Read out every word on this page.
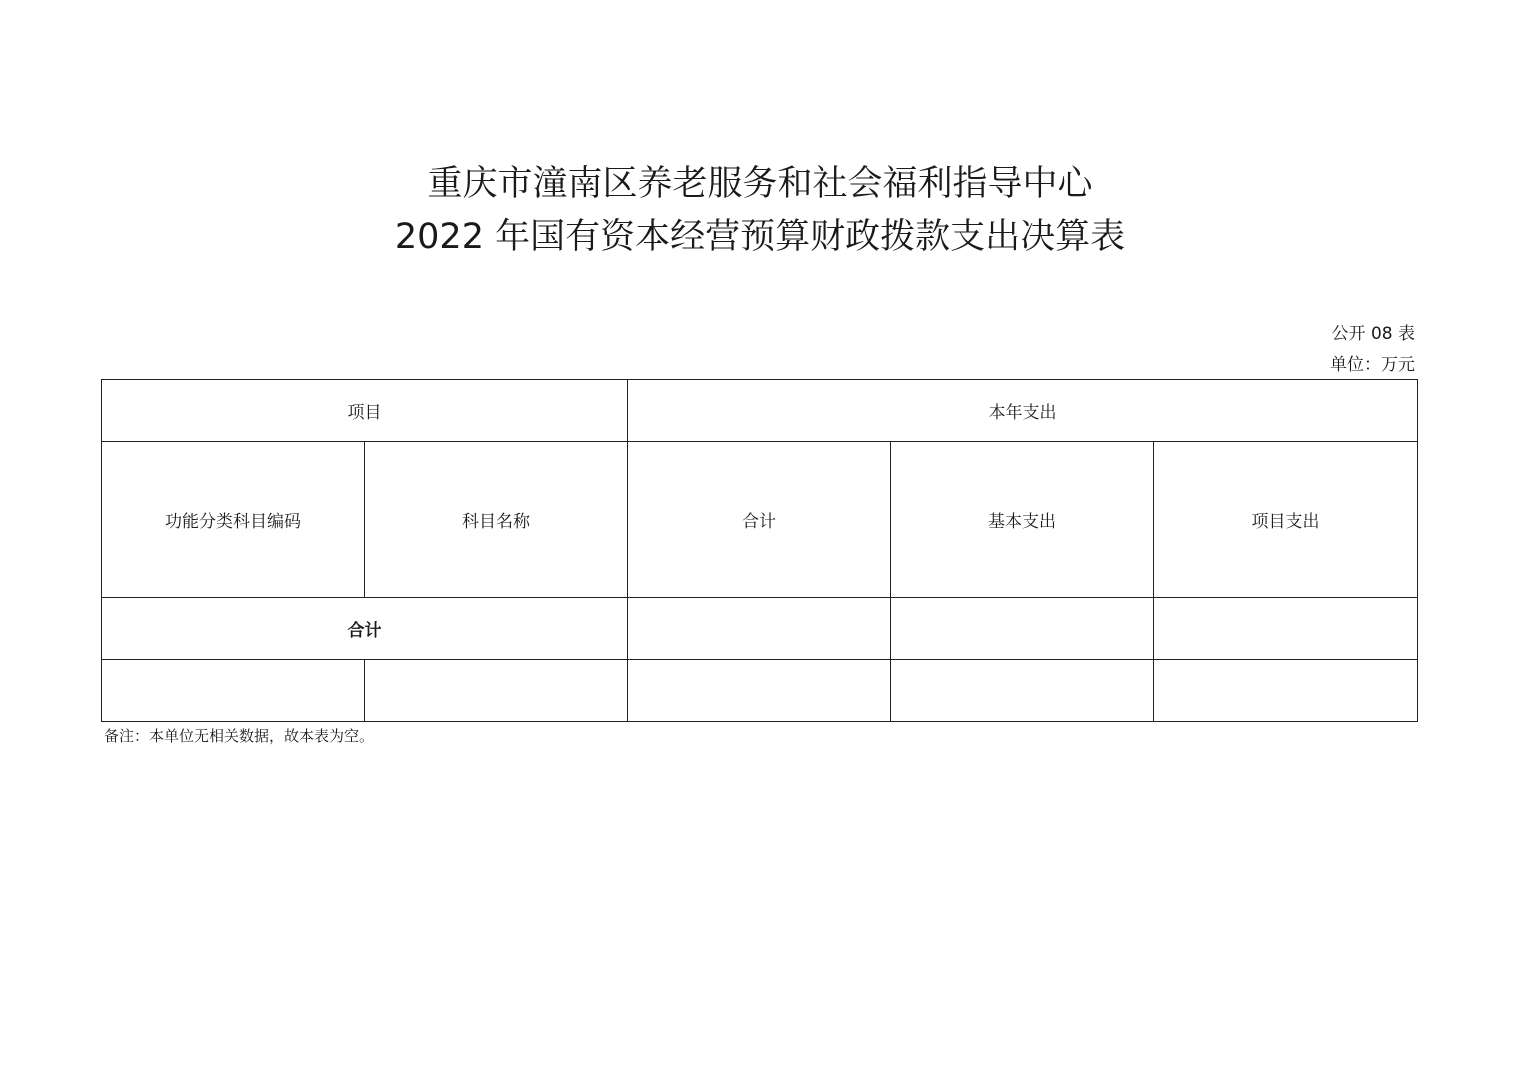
重庆市潼南区养老服务和社会福利指导中心
2022 年国有资本经营预算财政拨款支出决算表
公开 08 表
单位：万元
项目		本年支出		
功能分类科目编码	科目名称	合计	基本支出	项目支出
合计				

备注：本单位无相关数据，故本表为空。
